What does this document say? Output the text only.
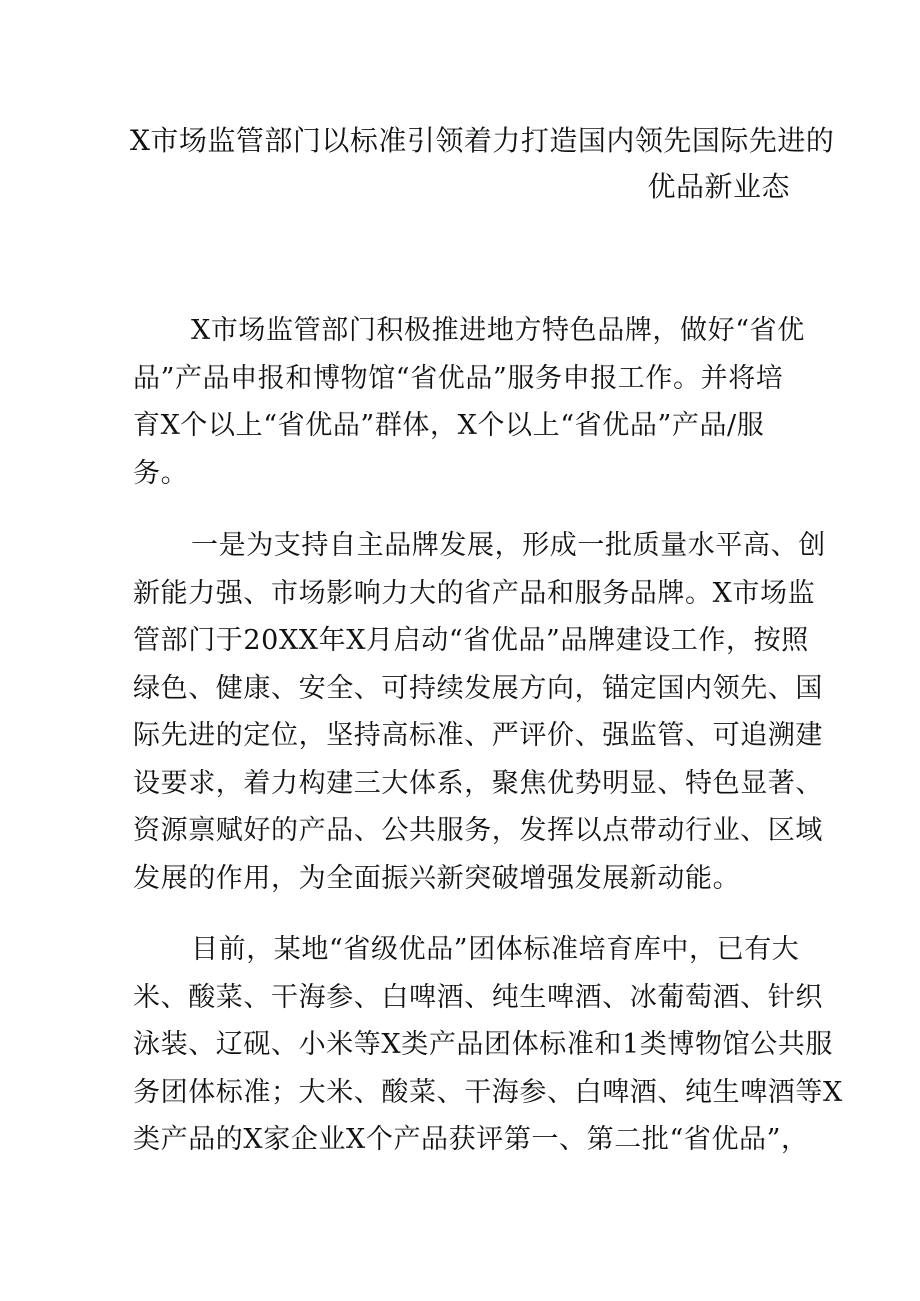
X市场监管部门以标准引领着力打造国内领先国际先进的
优品新业态
X市场监管部门积极推进地方特色品牌，做好“省优
品”产品申报和博物馆“省优品”服务申报工作。并将培
育X个以上“省优品”群体，X个以上“省优品”产品/服
务。
一是为支持自主品牌发展，形成一批质量水平高、创
新能力强、市场影响力大的省产品和服务品牌。X市场监
管部门于20XX年X月启动“省优品”品牌建设工作，按照
绿色、健康、安全、可持续发展方向，锚定国内领先、国
际先进的定位，坚持高标准、严评价、强监管、可追溯建
设要求，着力构建三大体系，聚焦优势明显、特色显著、
资源禀赋好的产品、公共服务，发挥以点带动行业、区域
发展的作用，为全面振兴新突破增强发展新动能。
目前，某地“省级优品”团体标准培育库中，已有大
米、酸菜、干海参、白啤酒、纯生啤酒、冰葡萄酒、针织
泳装、辽砚、小米等X类产品团体标准和1类博物馆公共服
务团体标准；大米、酸菜、干海参、白啤酒、纯生啤酒等X
类产品的X家企业X个产品获评第一、第二批“省优品”，
